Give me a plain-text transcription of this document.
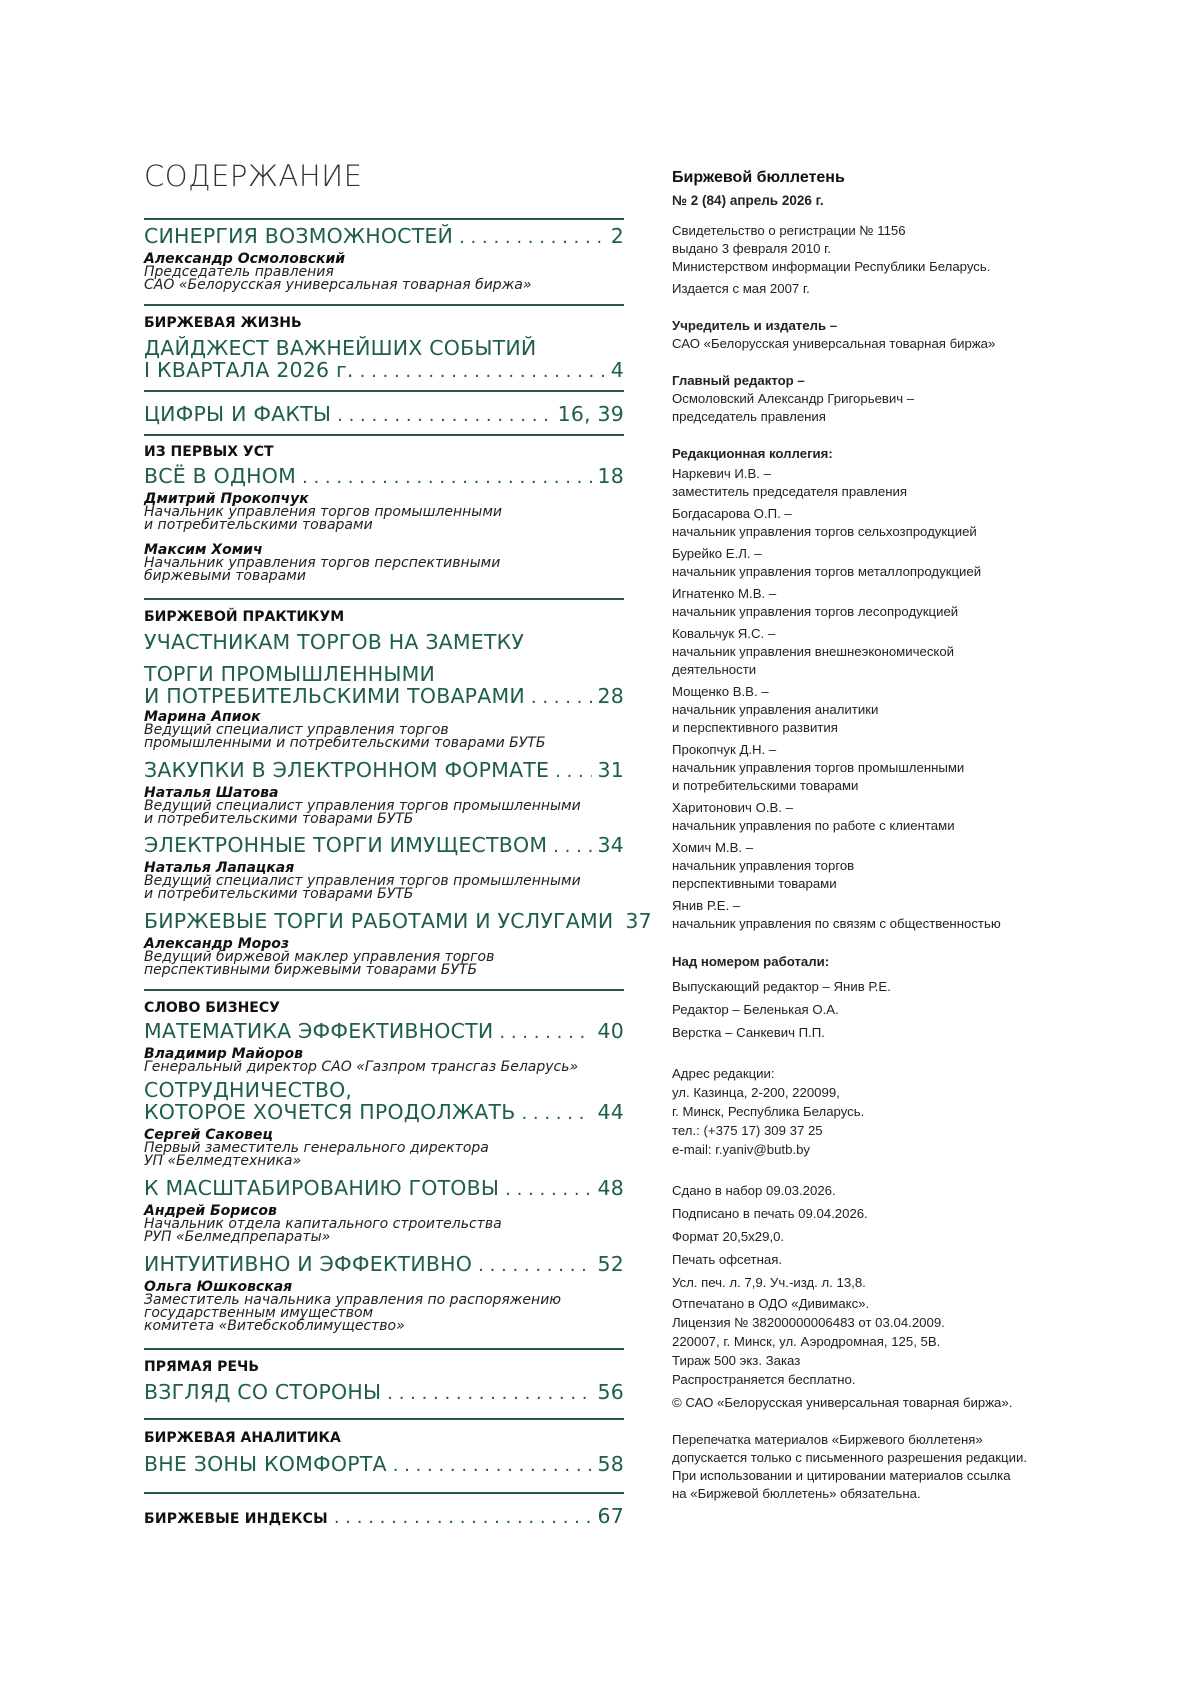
СОДЕРЖАНИЕ
СИНЕРГИЯ ВОЗМОЖНОСТЕЙ . . .	2
Александр Осмоловский
Председатель правления
САО «Белорусская универсальная товарная биржа»
БИРЖЕВАЯ ЖИЗНЬ
ДАЙДЖЕСТ ВАЖНЕЙШИХ СОБЫТИЙ
I КВАРТАЛА 2026 г. . . .	4
ЦИФРЫ И ФАКТЫ . . .	16, 39
ИЗ ПЕРВЫХ УСТ
ВСЁ В ОДНОМ . . .	18
Дмитрий Прокопчук
Начальник управления торгов промышленными
и потребительскими товарами
Максим Хомич
Начальник управления торгов перспективными
биржевыми товарами
БИРЖЕВОЙ ПРАКТИКУМ
УЧАСТНИКАМ ТОРГОВ НА ЗАМЕТКУ
ТОРГИ ПРОМЫШЛЕННЫМИ
И ПОТРЕБИТЕЛЬСКИМИ ТОВАРАМИ . . .	28
Марина Апиок
Ведущий специалист управления торгов
промышленными и потребительскими товарами БУТБ
ЗАКУПКИ В ЭЛЕКТРОННОМ ФОРМАТЕ . . . 31
Наталья Шатова
Ведущий специалист управления торгов промышленными
и потребительскими товарами БУТБ
ЭЛЕКТРОННЫЕ ТОРГИ ИМУЩЕСТВОМ . . . 34
Наталья Лапацкая
Ведущий специалист управления торгов промышленными
и потребительскими товарами БУТБ
БИРЖЕВЫЕ ТОРГИ РАБОТАМИ И УСЛУГАМИ 37
Александр Мороз
Ведущий биржевой маклер управления торгов
перспективными биржевыми товарами БУТБ
СЛОВО БИЗНЕСУ
МАТЕМАТИКА ЭФФЕКТИВНОСТИ . . .	40
Владимир Майоров
Генеральный директор САО «Газпром трансгаз Беларусь»
СОТРУДНИЧЕСТВО,
КОТОРОЕ ХОЧЕТСЯ ПРОДОЛЖАТЬ . . .	44
Сергей Саковец
Первый заместитель генерального директора
УП «Белмедтехника»
К МАСШТАБИРОВАНИЮ ГОТОВЫ . . .	48
Андрей Борисов
Начальник отдела капитального строительства
РУП «Белмедпрепараты»
ИНТУИТИВНО И ЭФФЕКТИВНО . . .	52
Ольга Юшковская
Заместитель начальника управления по распоряжению
государственным имуществом
комитета «Витебскоблимущество»
ПРЯМАЯ РЕЧЬ
ВЗГЛЯД СО СТОРОНЫ . . .	56
БИРЖЕВАЯ АНАЛИТИКА
ВНЕ ЗОНЫ КОМФОРТА . . .	58
БИРЖЕВЫЕ ИНДЕКСЫ . . .	67

Биржевой бюллетень

№ 2 (84) апрель 2026 г.

Свидетельство о регистрации № 1156

выдано 3 февраля 2010 г.

Министерством информации Республики Беларусь.

Издается с мая 2007 г.

Учредитель и издатель –

САО «Белорусская универсальная товарная биржа»

Главный редактор –

Осмоловский Александр Григорьевич –

председатель правления

Редакционная коллегия:

Наркевич И.В. –

заместитель председателя правления

Богдасарова О.П. –

начальник управления торгов сельхозпродукцией

Бурейко Е.Л. –

начальник управления торгов металлопродукцией

Игнатенко М.В. –

начальник управления торгов лесопродукцией

Ковальчук Я.С. –

начальник управления внешнеэкономической

деятельности

Мощенко В.В. –

начальник управления аналитики

и перспективного развития

Прокопчук Д.Н. –

начальник управления торгов промышленными

и потребительскими товарами

Харитонович О.В. –

начальник управления по работе с клиентами

Хомич М.В. –

начальник управления торгов

перспективными товарами

Янив Р.Е. –

начальник управления по связям с общественностью

Над номером работали:

Выпускающий редактор – Янив Р.Е.

Редактор – Беленькая О.А.

Верстка – Санкевич П.П.

Адрес редакции:

ул. Казинца, 2-200, 220099,

г. Минск, Республика Беларусь.

тел.: (+375 17) 309 37 25

e-mail: r.yaniv@butb.by

Сдано в набор 09.03.2026.

Подписано в печать 09.04.2026.

Формат 20,5х29,0.

Печать офсетная.

Усл. печ. л. 7,9. Уч.-изд. л. 13,8.

Отпечатано в ОДО «Дивимакс».

Лицензия № 38200000006483 от 03.04.2009.

220007, г. Минск, ул. Аэродромная, 125, 5В.

Тираж 500 экз. Заказ

Распространяется бесплатно.

© САО «Белорусская универсальная товарная биржа».

Перепечатка материалов «Биржевого бюллетеня»

допускается только с письменного разрешения редакции.

При использовании и цитировании материалов ссылка

на «Биржевой бюллетень» обязательна.
